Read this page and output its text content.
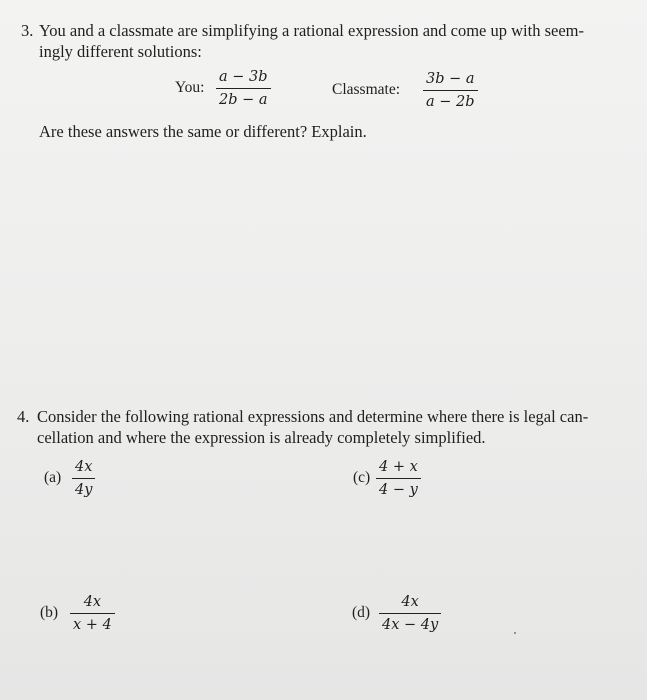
3. You and a classmate are simplifying a rational expression and come up with seem-
ingly different solutions:
You:
a − 3b
2b − a
Classmate:
3b − a
a − 2b
Are these answers the same or different? Explain.
4. Consider the following rational expressions and determine where there is legal can-
cellation and where the expression is already completely simplified.
(a)
4x
4y
(c)
4 + x
4 − y
(b)
4x
x + 4
(d)
4x
4x − 4y
